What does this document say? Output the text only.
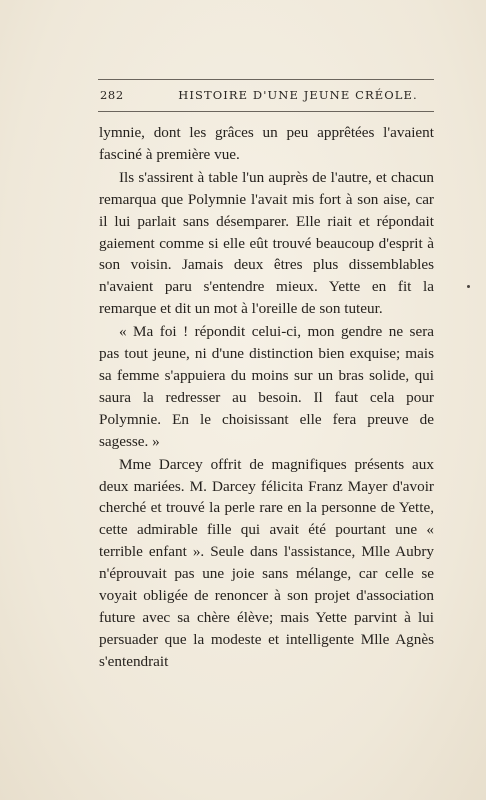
282	HISTOIRE D'UNE JEUNE CRÉOLE.

lymnie, dont les grâces un peu apprêtées l'avaient fasciné à première vue.

Ils s'assirent à table l'un auprès de l'autre, et chacun remarqua que Polymnie l'avait mis fort à son aise, car il lui parlait sans désemparer. Elle riait et répondait gaiement comme si elle eût trouvé beaucoup d'esprit à son voisin. Jamais deux êtres plus dissemblables n'avaient paru s'entendre mieux. Yette en fit la remarque et dit un mot à l'oreille de son tuteur.

« Ma foi ! répondit celui-ci, mon gendre ne sera pas tout jeune, ni d'une distinction bien exquise; mais sa femme s'appuiera du moins sur un bras solide, qui saura la redresser au besoin. Il faut cela pour Polymnie. En le choisissant elle fera preuve de sagesse. »

Mme Darcey offrit de magnifiques présents aux deux mariées. M. Darcey félicita Franz Mayer d'avoir cherché et trouvé la perle rare en la personne de Yette, cette admirable fille qui avait été pourtant une « terrible enfant ». Seule dans l'assistance, Mlle Aubry n'éprouvait pas une joie sans mélange, car celle se voyait obligée de renoncer à son projet d'association future avec sa chère élève; mais Yette parvint à lui persuader que la modeste et intelligente Mlle Agnès s'entendrait
